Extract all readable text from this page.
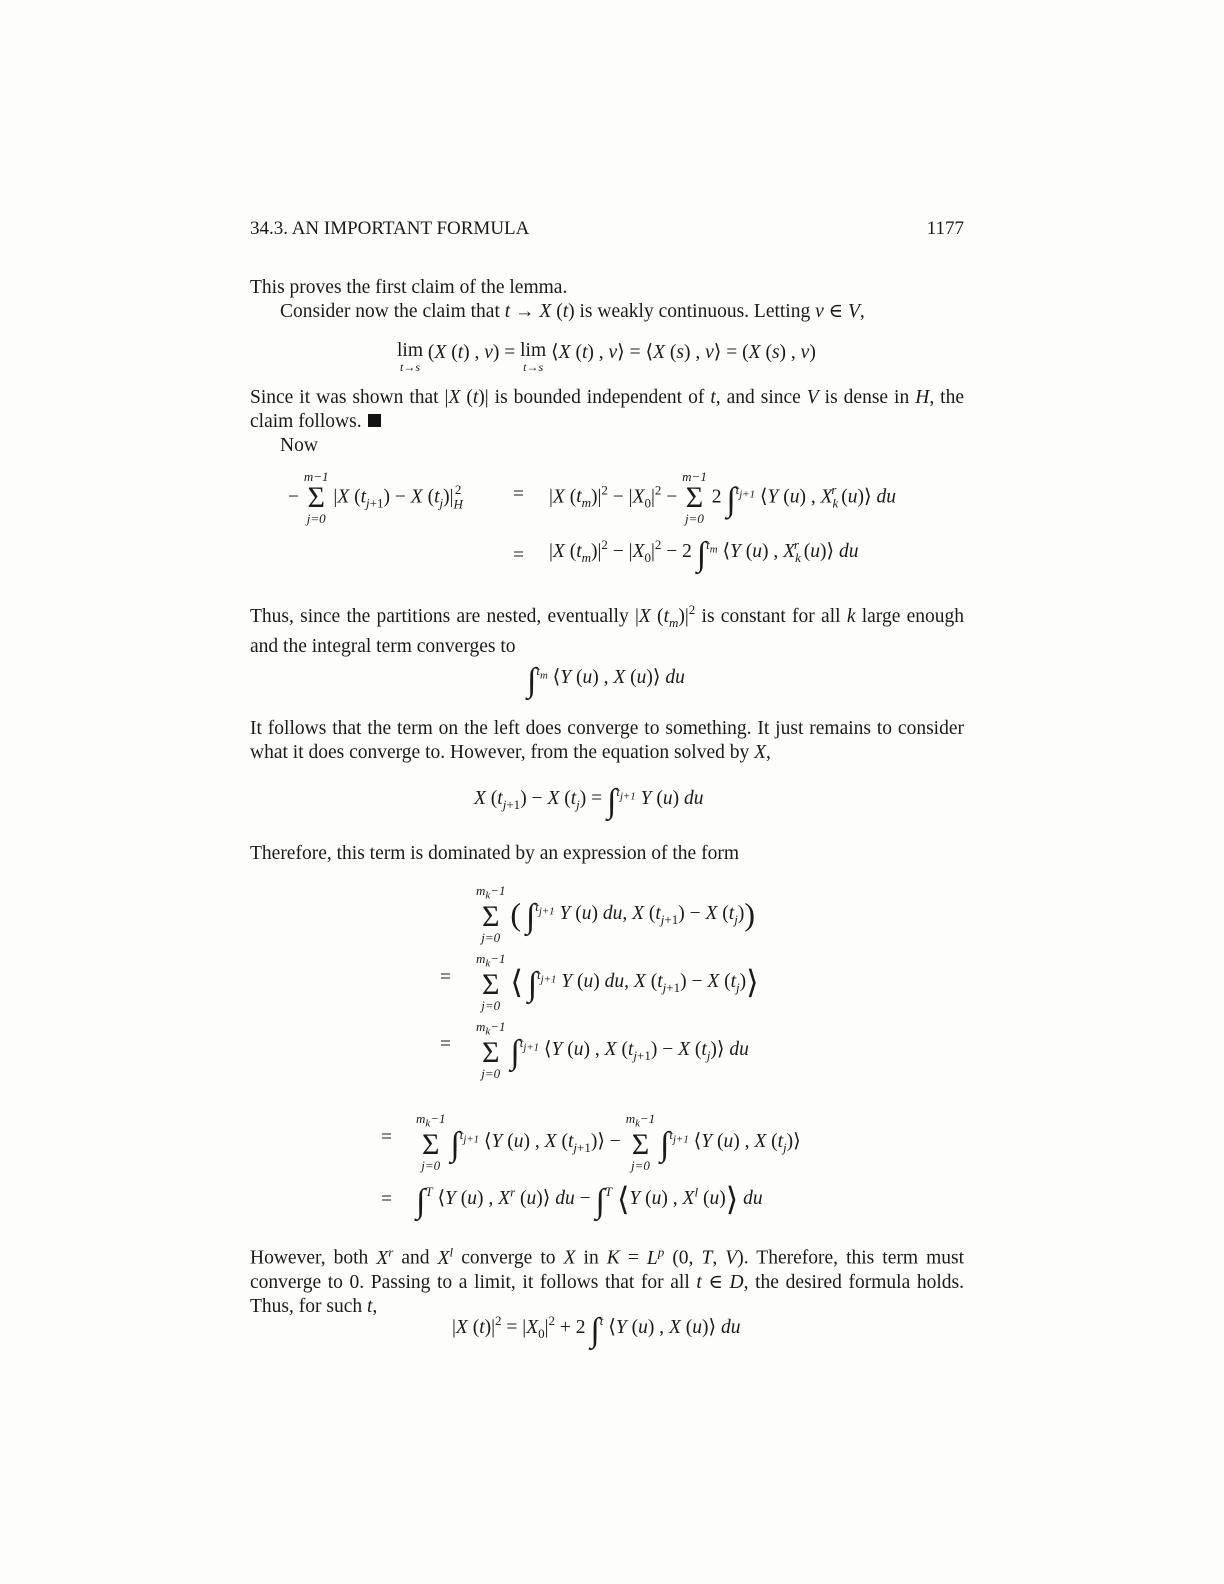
34.3. AN IMPORTANT FORMULA	1177
This proves the first claim of the lemma.
Consider now the claim that t → X (t) is weakly continuous. Letting v ∈ V,
lim
t→s
(X (t) , v) = lim
t→s
⟨X (t) , v⟩ = ⟨X (s) , v⟩ = (X (s) , v)
Since it was shown that |X (t)| is bounded independent of t, and since V is dense in H, the claim follows.
Now
−
m−1
Σ
j=0
|X $(t_{j+1}) - X$ $(t_j)|_H^2$	= |X $(t_m)|^2 - |X_0|^2$ −
m−1
Σ
j=0
2 ∫$^{t_{j+1}}$ ⟨Y (u) , $X_k^r$ (u)⟩ du
= |X $(t_m)|^2 - |X_0|^2 - 2$ ∫$^{t_m}$ ⟨Y (u) , $X_k^r$ (u)⟩ du
Thus, since the partitions are nested, eventually |X $(t_m)|^2$ is constant for all k large enough and the integral term converges to
∫$^{t_m}$ ⟨Y (u) , X (u)⟩ du
It follows that the term on the left does converge to something. It just remains to consider what it does converge to. However, from the equation solved by X,
X $(t_{j+1}) - X$ $(t_j) = \int^{t_{j+1}}$ Y (u) du
Therefore, this term is dominated by an expression of the form
$m_k-1$
Σ
j=0
( ∫$^{t_{j+1}}$ Y (u) du, X $(t_{j+1}) - X$ $(t_j)$)
=
$m_k-1$
Σ
j=0
⟨ ∫$^{t_{j+1}}$ Y (u) du, X $(t_{j+1}) - X$ $(t_j)⟩$
=
$m_k-1$
Σ
j=0
∫$^{t_{j+1}}$ ⟨Y (u) , X $(t_{j+1}) - X$ $(t_j)⟩$ du
=
$m_k-1$
Σ
j=0
∫$^{t_{j+1}}$ ⟨Y (u) , X $(t_{j+1})⟩$ −
$m_k-1$
Σ
j=0
∫$^{t_{j+1}}$ ⟨Y (u) , X $(t_j)⟩$
= ∫$^T$ ⟨Y (u) , $X^r$ (u)⟩ du − ∫$^T$ ⟨Y (u) , $X^l$ (u)⟩ du
However, both $X^r$ and $X^l$ converge to X in $K = L^p$ (0, T, V). Therefore, this term must converge to 0. Passing to a limit, it follows that for all t ∈ D, the desired formula holds. Thus, for such t,
|X $(t)|^2 = |X_0|^2 + 2$ ∫$^t$ ⟨Y (u) , X (u)⟩ du
